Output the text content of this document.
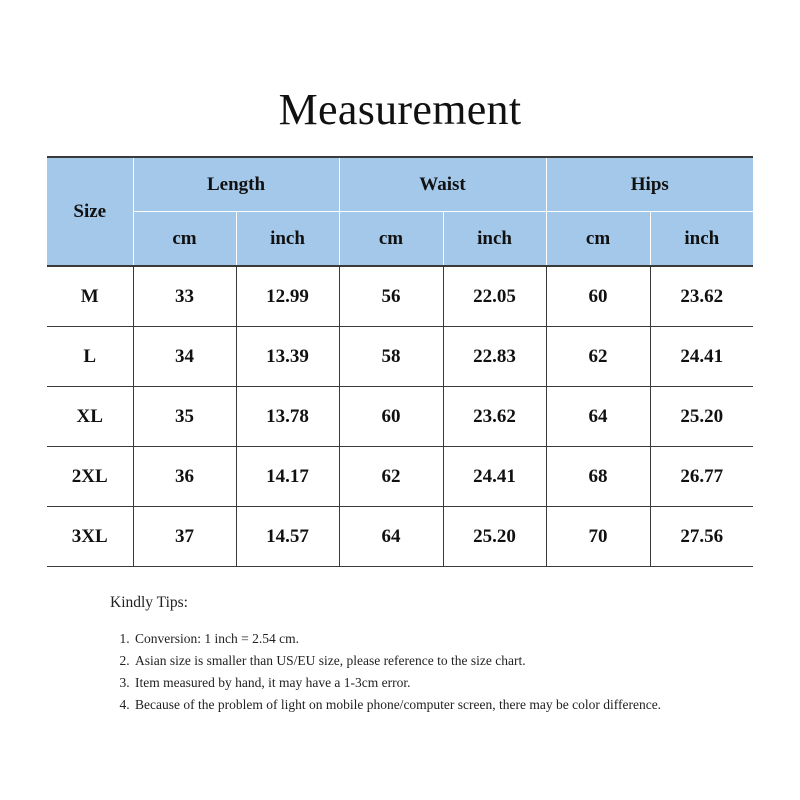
Measurement
Size	Length		Waist		Hips	
	cm	inch	cm	inch	cm	inch
M	33	12.99	56	22.05	60	23.62
L	34	13.39	58	22.83	62	24.41
XL	35	13.78	60	23.62	64	25.20
2XL	36	14.17	62	24.41	68	26.77
3XL	37	14.57	64	25.20	70	27.56
Kindly Tips:
1. Conversion: 1 inch = 2.54 cm.
2. Asian size is smaller than US/EU size, please reference to the size chart.
3. Item measured by hand, it may have a 1-3cm error.
4. Because of the problem of light on mobile phone/computer screen, there may be color difference.
